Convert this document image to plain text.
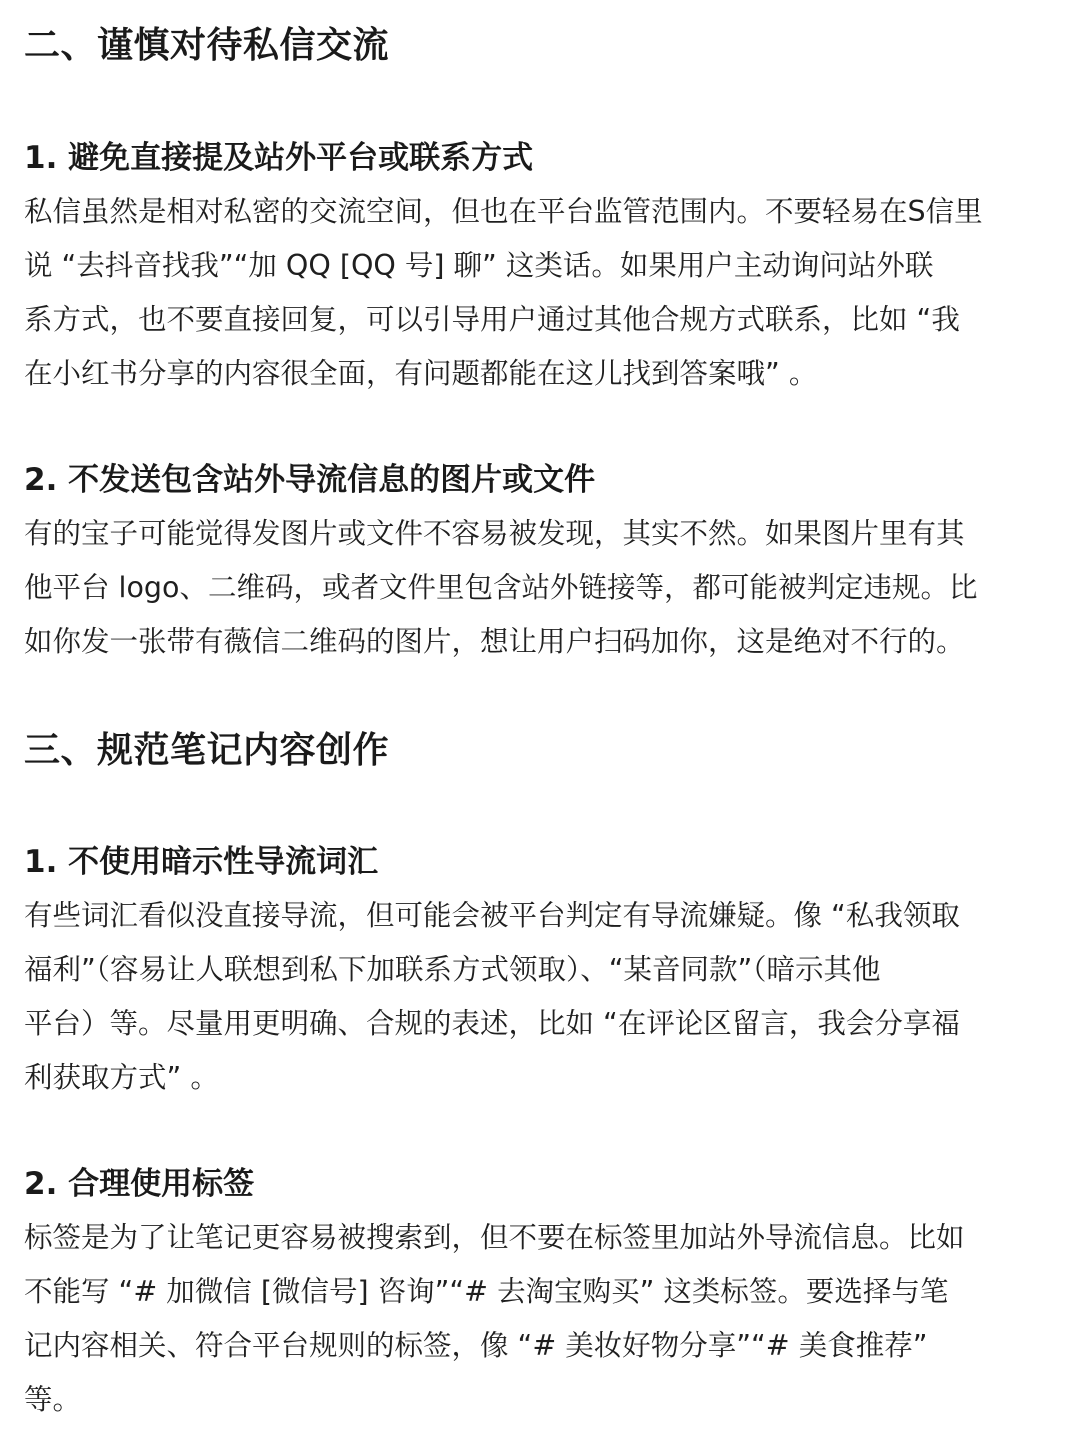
二、谨慎对待私信交流
1. 避免直接提及站外平台或联系方式
私信虽然是相对私密的交流空间，但也在平台监管范围内。不要轻易在S信里
说 “去抖音找我”“加 QQ [QQ 号] 聊” 这类话。如果用户主动询问站外联
系方式，也不要直接回复，可以引导用户通过其他合规方式联系，比如 “我
在小红书分享的内容很全面，有问题都能在这儿找到答案哦” 。
2. 不发送包含站外导流信息的图片或文件
有的宝子可能觉得发图片或文件不容易被发现，其实不然。如果图片里有其
他平台 logo、二维码，或者文件里包含站外链接等，都可能被判定违规。比
如你发一张带有薇信二维码的图片，想让用户扫码加你，这是绝对不行的。
三、规范笔记内容创作
1. 不使用暗示性导流词汇
有些词汇看似没直接导流，但可能会被平台判定有导流嫌疑。像 “私我领取
福利”（容易让人联想到私下加联系方式领取）、“某音同款”（暗示其他
平台）等。尽量用更明确、合规的表述，比如 “在评论区留言，我会分享福
利获取方式” 。
2. 合理使用标签
标签是为了让笔记更容易被搜索到，但不要在标签里加站外导流信息。比如
不能写 “# 加微信 [微信号] 咨询”“# 去淘宝购买” 这类标签。要选择与笔
记内容相关、符合平台规则的标签，像 “# 美妆好物分享”“# 美食推荐”
等。
